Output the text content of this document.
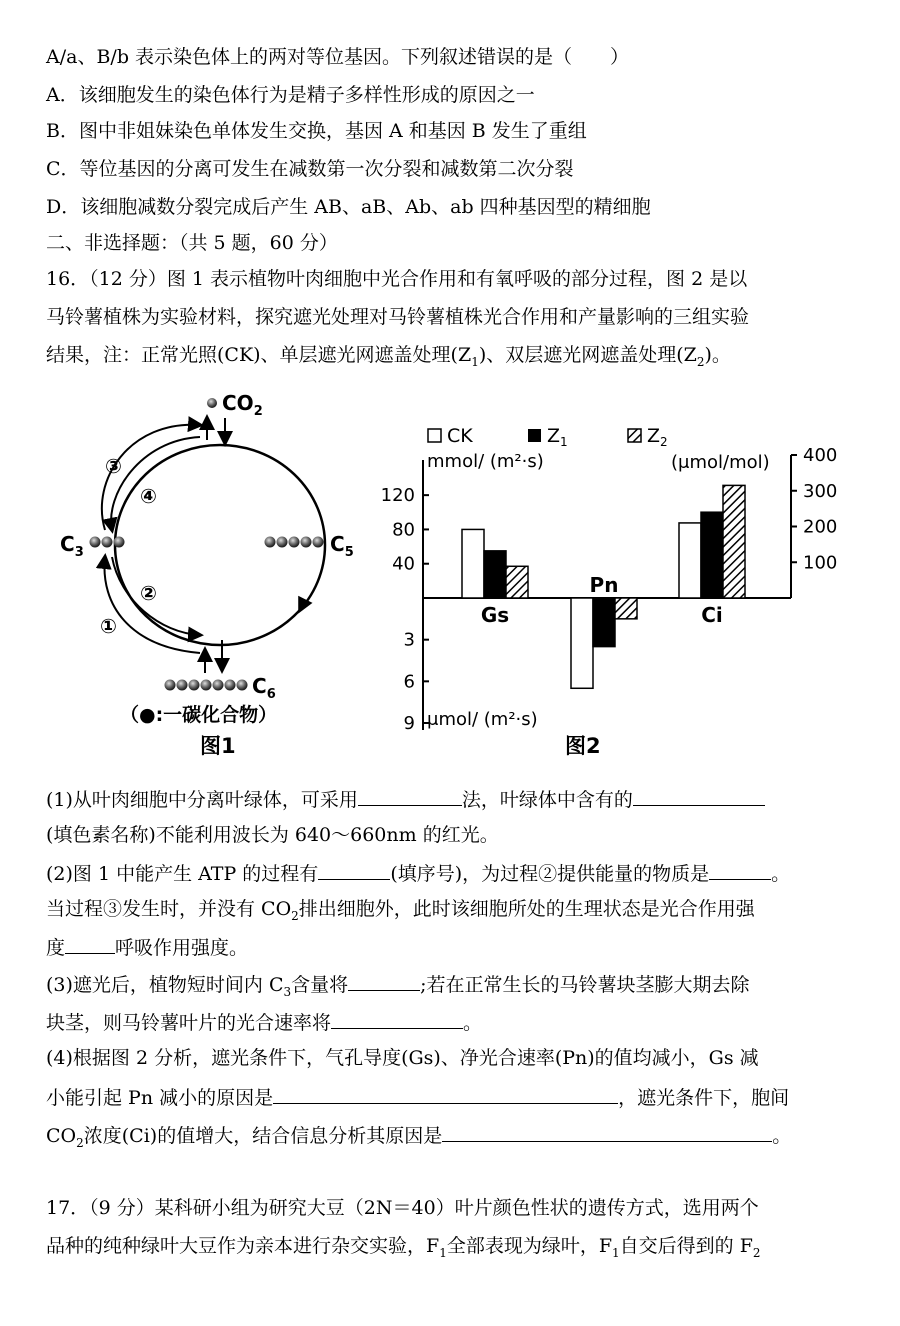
A/a、B/b 表示染色体上的两对等位基因。下列叙述错误的是（　　）
A．该细胞发生的染色体行为是精子多样性形成的原因之一
B．图中非姐妹染色单体发生交换，基因 A 和基因 B 发生了重组
C．等位基因的分离可发生在减数第一次分裂和减数第二次分裂
D．该细胞减数分裂完成后产生 AB、aB、Ab、ab 四种基因型的精细胞
二、非选择题：（共 5 题，60 分）
16．（12 分）图 1 表示植物叶肉细胞中光合作用和有氧呼吸的部分过程，图 2 是以
马铃薯植株为实验材料，探究遮光处理对马铃薯植株光合作用和产量影响的三组实验
结果，注：正常光照(CK)、单层遮光网遮盖处理$(Z_1)$、双层遮光网遮盖处理$(Z_2)$。
$CO_2$
$C_3$	$C_5$
③
④
②
①
$C_6$
（●:一碳化合物）
图1
CK	$Z_1$	$Z_2$
mmol/ (m²·s)	(μmol/mol)
μmol/ (m²·s)
40
80
120
3
6
9
100
200
300
400
Gs
Pn
Ci
图2
(1)从叶肉细胞中分离叶绿体，可采用	法，叶绿体中含有的
(填色素名称)不能利用波长为 640～660nm 的红光。
(2)图 1 中能产生 ATP 的过程有	(填序号)，为过程②提供能量的物质是	。
当过程③发生时，并没有 $CO_2$排出细胞外，此时该细胞所处的生理状态是光合作用强
度	呼吸作用强度。
(3)遮光后，植物短时间内 $C_3$含量将	;若在正常生长的马铃薯块茎膨大期去除
块茎，则马铃薯叶片的光合速率将	。
(4)根据图 2 分析，遮光条件下，气孔导度(Gs)、净光合速率(Pn)的值均减小，Gs 减
小能引起 Pn 减小的原因是	，遮光条件下，胞间
$CO_2$浓度(Ci)的值增大，结合信息分析其原因是	。
17．（9 分）某科研小组为研究大豆（2N＝40）叶片颜色性状的遗传方式，选用两个
品种的纯种绿叶大豆作为亲本进行杂交实验，$F_1$全部表现为绿叶，$F_1$自交后得到的 $F_2$
